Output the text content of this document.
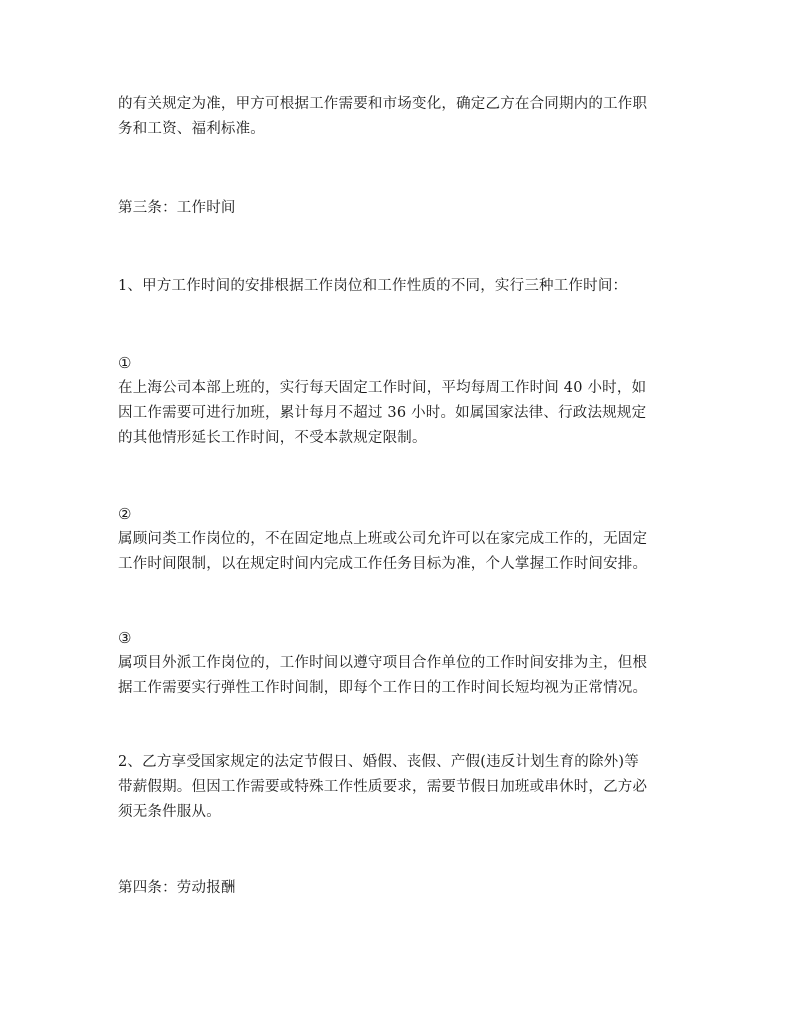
的有关规定为准，甲方可根据工作需要和市场变化，确定乙方在合同期内的工作职
务和工资、福利标准。
第三条：工作时间
1、甲方工作时间的安排根据工作岗位和工作性质的不同，实行三种工作时间：
①
在上海公司本部上班的，实行每天固定工作时间，平均每周工作时间 40 小时，如
因工作需要可进行加班，累计每月不超过 36 小时。如属国家法律、行政法规规定
的其他情形延长工作时间，不受本款规定限制。
②
属顾问类工作岗位的，不在固定地点上班或公司允许可以在家完成工作的，无固定
工作时间限制，以在规定时间内完成工作任务目标为准，个人掌握工作时间安排。
③
属项目外派工作岗位的，工作时间以遵守项目合作单位的工作时间安排为主，但根
据工作需要实行弹性工作时间制，即每个工作日的工作时间长短均视为正常情况。
2、乙方享受国家规定的法定节假日、婚假、丧假、产假(违反计划生育的除外)等
带薪假期。但因工作需要或特殊工作性质要求，需要节假日加班或串休时，乙方必
须无条件服从。
第四条：劳动报酬
